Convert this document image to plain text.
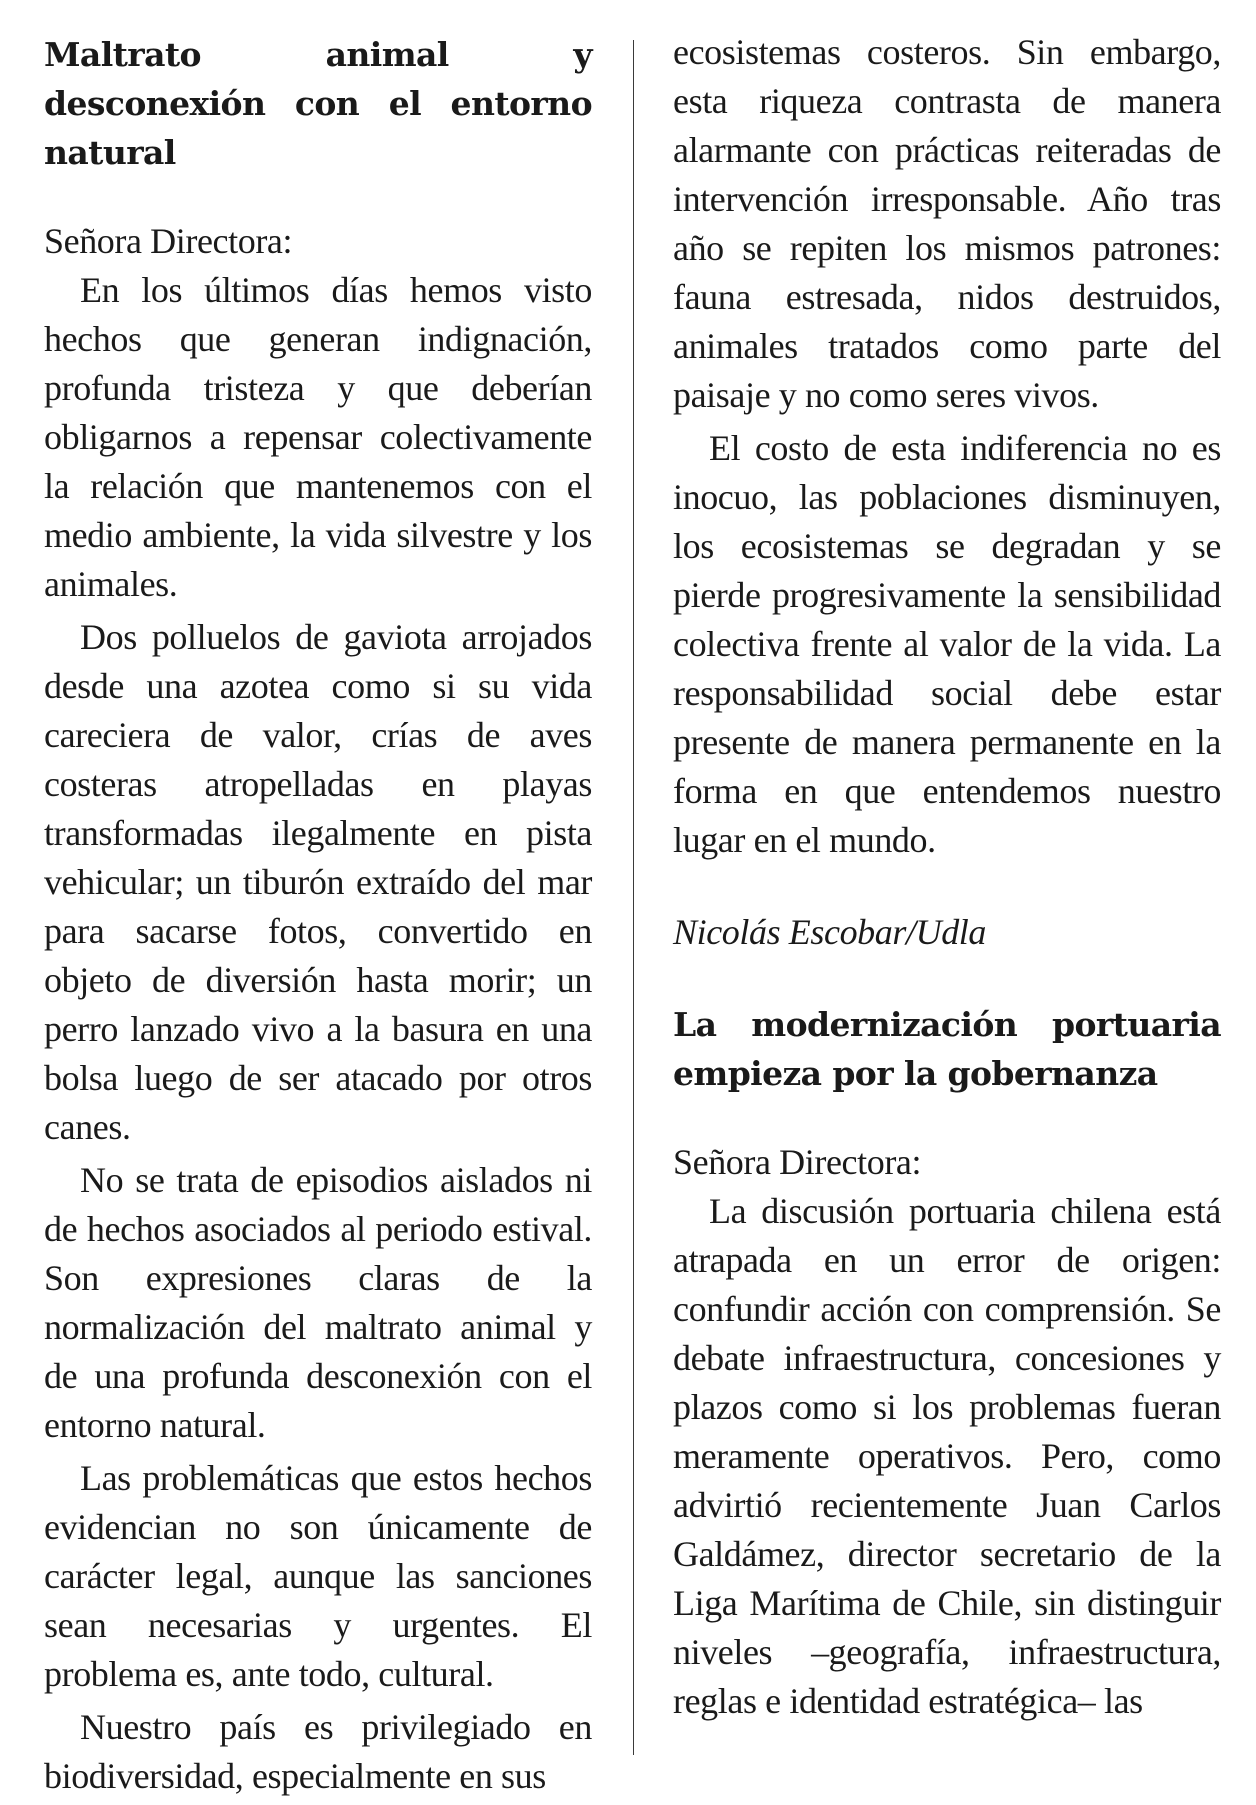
Maltrato animal y desconexión con el entorno natural

Señora Directora:

En los últimos días hemos visto hechos que generan indignación, profunda tristeza y que deberían obligarnos a repensar colectivamente la relación que mantenemos con el medio ambiente, la vida silvestre y los animales.

Dos polluelos de gaviota arrojados desde una azotea como si su vida careciera de valor, crías de aves costeras atropelladas en playas transformadas ilegalmente en pista vehicular; un tiburón extraído del mar para sacarse fotos, convertido en objeto de diversión hasta morir; un perro lanzado vivo a la basura en una bolsa luego de ser atacado por otros canes.

No se trata de episodios aislados ni de hechos asociados al periodo estival. Son expresiones claras de la normalización del maltrato animal y de una profunda desconexión con el entorno natural.

Las problemáticas que estos hechos evidencian no son únicamente de carácter legal, aunque las sanciones sean necesarias y urgentes. El problema es, ante todo, cultural.

Nuestro país es privilegiado en biodiversidad, especialmente en sus

ecosistemas costeros. Sin embargo, esta riqueza contrasta de manera alarmante con prácticas reiteradas de intervención irresponsable. Año tras año se repiten los mismos patrones: fauna estresada, nidos destruidos, animales tratados como parte del paisaje y no como seres vivos.

El costo de esta indiferencia no es inocuo, las poblaciones disminuyen, los ecosistemas se degradan y se pierde progresivamente la sensibilidad colectiva frente al valor de la vida. La responsabilidad social debe estar presente de manera permanente en la forma en que entendemos nuestro lugar en el mundo.

Nicolás Escobar/Udla

La modernización portuaria empieza por la gobernanza

Señora Directora:

La discusión portuaria chilena está atrapada en un error de origen: confundir acción con comprensión. Se debate infraestructura, concesiones y plazos como si los problemas fueran meramente operativos. Pero, como advirtió recientemente Juan Carlos Galdámez, director secretario de la Liga Marítima de Chile, sin distinguir niveles –geografía, infraestructura, reglas e identidad estratégica– las
